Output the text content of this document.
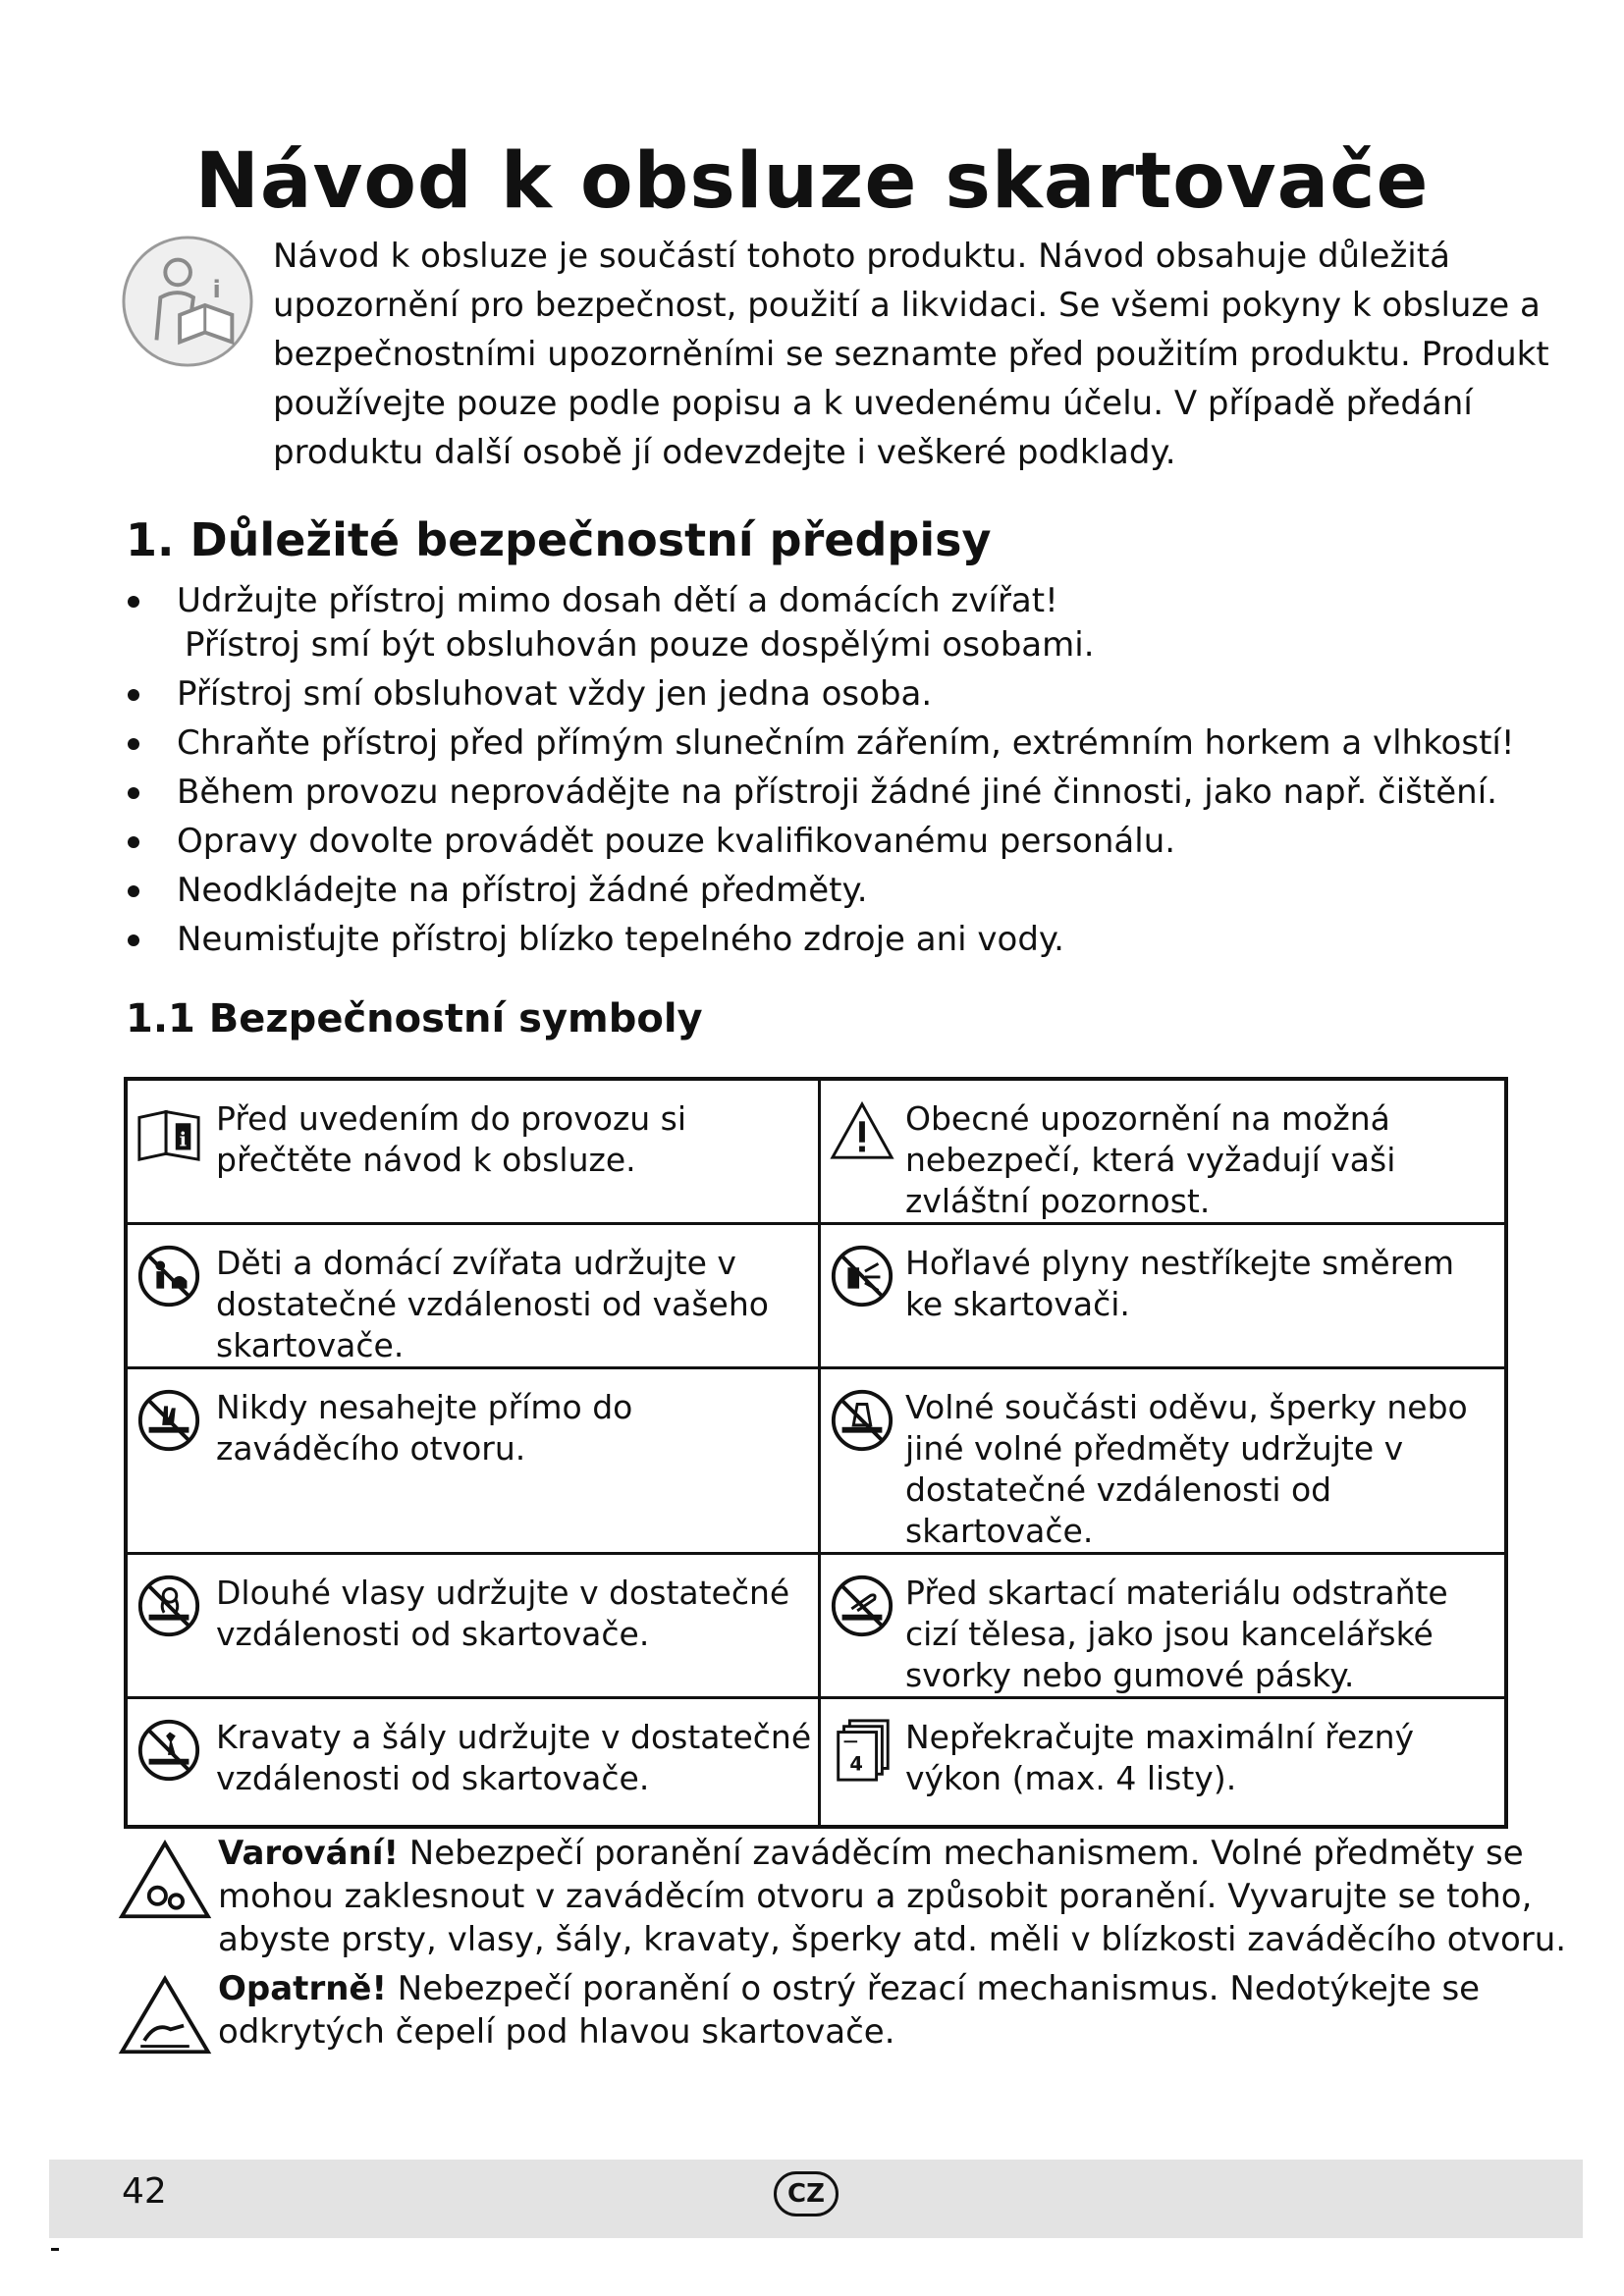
Návod k obsluze skartovače
i
Návod k obsluze je součástí tohoto produktu. Návod obsahuje důležitá
upozornění pro bezpečnost, použití a likvidaci. Se všemi pokyny k obsluze a
bezpečnostními upozorněními se seznamte před použitím produktu. Produkt
používejte pouze podle popisu a k uvedenému účelu. V případě předání
produktu další osobě jí odevzdejte i veškeré podklady.
1. Důležité bezpečnostní předpisy
Udržujte přístroj mimo dosah dětí a domácích zvířat!
Přístroj smí být obsluhován pouze dospělými osobami.
Přístroj smí obsluhovat vždy jen jedna osoba.
Chraňte přístroj před přímým slunečním zářením, extrémním horkem a vlhkostí!
Během provozu neprovádějte na přístroji žádné jiné činnosti, jako např. čištění.
Opravy dovolte provádět pouze kvalifikovanému personálu.
Neodkládejte na přístroj žádné předměty.
Neumisťujte přístroj blízko tepelného zdroje ani vody.
1.1 Bezpečnostní symboly
i
Před uvedením do provozu si přečtěte návod k obsluze.
Obecné upozornění na možná nebezpečí, která vyžadují vaši zvláštní pozornost.
Děti a domácí zvířata udržujte v dostatečné vzdálenosti od vašeho skartovače.
Hořlavé plyny nestříkejte směrem ke skartovači.
Nikdy nesahejte přímo do zaváděcího otvoru.
Volné součásti oděvu, šperky nebo jiné volné předměty udržujte v dostatečné vzdálenosti od skartovače.
Dlouhé vlasy udržujte v dostatečné vzdálenosti od skartovače.
Před skartací materiálu odstraňte cizí tělesa, jako jsou kancelářské svorky nebo gumové pásky.
Kravaty a šály udržujte v dostatečné vzdálenosti od skartovače.	4
Nepřekračujte maximální řezný výkon (max. 4 listy).
Varování! Nebezpečí poranění zaváděcím mechanismem. Volné předměty se
mohou zaklesnout v zaváděcím otvoru a způsobit poranění. Vyvarujte se toho,
abyste prsty, vlasy, šály, kravaty, šperky atd. měli v blízkosti zaváděcího otvoru.
Opatrně! Nebezpečí poranění o ostrý řezací mechanismus. Nedotýkejte se
odkrytých čepelí pod hlavou skartovače.
42	CZ
